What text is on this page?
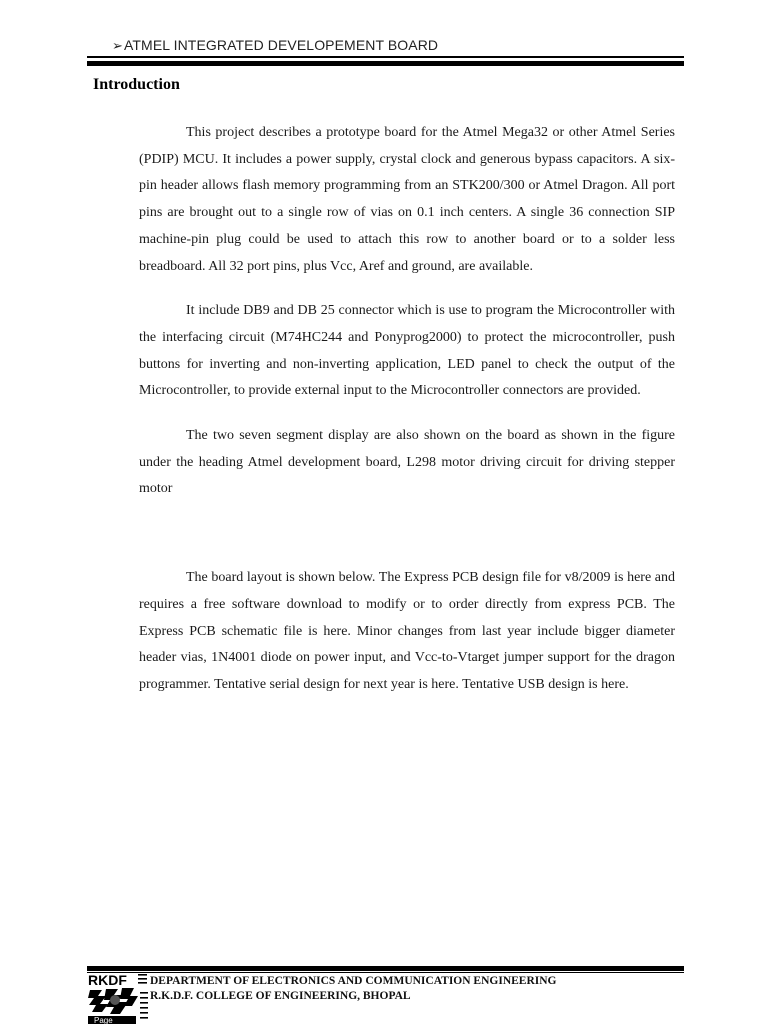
➢ATMEL INTEGRATED DEVELOPEMENT BOARD
Introduction

This project describes a prototype board for the Atmel Mega32 or other Atmel Series (PDIP) MCU. It includes a power supply, crystal clock and generous bypass capacitors. A six-pin header allows flash memory programming from an STK200/300 or Atmel Dragon. All port pins are brought out to a single row of vias on 0.1 inch centers. A single 36 connection SIP machine-pin plug could be used to attach this row to another board or to a solder less breadboard. All 32 port pins, plus Vcc, Aref and ground, are available.

It include DB9 and DB 25 connector which is use to program the Microcontroller with the interfacing circuit (M74HC244 and Ponyprog2000) to protect the microcontroller, push buttons for inverting and non-inverting application, LED panel to check the output of the Microcontroller, to provide external input to the Microcontroller connectors are provided.

The two seven segment display are also shown on the board as shown in the figure under the heading Atmel development board, L298 motor driving circuit for driving stepper motor

The board layout is shown below. The Express PCB design file for v8/2009 is here and requires a free software download to modify or to order directly from express PCB. The Express PCB schematic file is here. Minor changes from last year include bigger diameter header vias, 1N4001 diode on power input, and Vcc-to-Vtarget jumper support for the dragon programmer. Tentative serial design for next year is here. Tentative USB design is here.

RKDF
Page
DEPARTMENT OF ELECTRONICS AND COMMUNICATION ENGINEERING
R.K.D.F. COLLEGE OF ENGINEERING, BHOPAL
